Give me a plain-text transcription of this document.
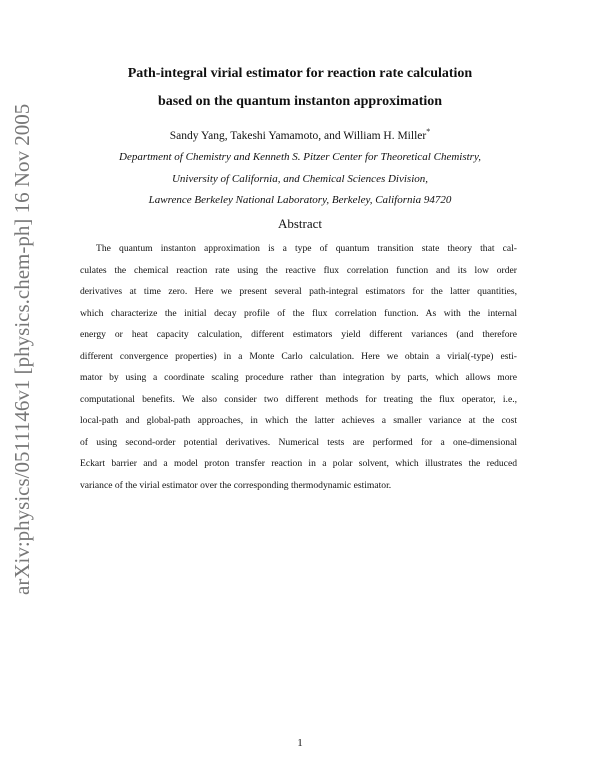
arXiv:physics/0511146v1 [physics.chem-ph] 16 Nov 2005
Path-integral virial estimator for reaction rate calculation
based on the quantum instanton approximation
Sandy Yang, Takeshi Yamamoto, and William H. Miller*
Department of Chemistry and Kenneth S. Pitzer Center for Theoretical Chemistry,
University of California, and Chemical Sciences Division,
Lawrence Berkeley National Laboratory, Berkeley, California 94720
Abstract
The quantum instanton approximation is a type of quantum transition state theory that cal-
culates the chemical reaction rate using the reactive flux correlation function and its low order
derivatives at time zero. Here we present several path-integral estimators for the latter quantities,
which characterize the initial decay profile of the flux correlation function. As with the internal
energy or heat capacity calculation, different estimators yield different variances (and therefore
different convergence properties) in a Monte Carlo calculation. Here we obtain a virial(-type) esti-
mator by using a coordinate scaling procedure rather than integration by parts, which allows more
computational benefits. We also consider two different methods for treating the flux operator, i.e.,
local-path and global-path approaches, in which the latter achieves a smaller variance at the cost
of using second-order potential derivatives. Numerical tests are performed for a one-dimensional
Eckart barrier and a model proton transfer reaction in a polar solvent, which illustrates the reduced
variance of the virial estimator over the corresponding thermodynamic estimator.
1
